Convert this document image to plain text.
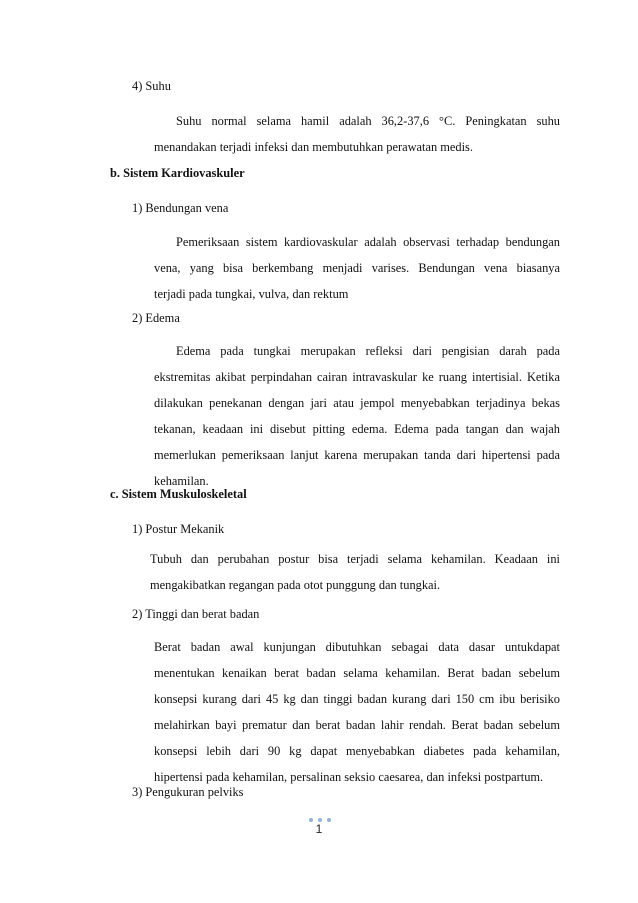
4) Suhu
Suhu normal selama hamil adalah 36,2-37,6 °C. Peningkatan suhu
menandakan terjadi infeksi dan membutuhkan perawatan medis.
b. Sistem Kardiovaskuler
1) Bendungan vena
Pemeriksaan sistem kardiovaskular adalah observasi terhadap bendungan
vena, yang bisa berkembang menjadi varises. Bendungan vena biasanya
terjadi pada tungkai, vulva, dan rektum
2) Edema
Edema pada tungkai merupakan refleksi dari pengisian darah pada
ekstremitas akibat perpindahan cairan intravaskular ke ruang intertisial. Ketika
dilakukan penekanan dengan jari atau jempol menyebabkan terjadinya bekas
tekanan, keadaan ini disebut pitting edema. Edema pada tangan dan wajah
memerlukan pemeriksaan lanjut karena merupakan tanda dari hipertensi pada
kehamilan.
c. Sistem Muskuloskeletal
1) Postur Mekanik
Tubuh dan perubahan postur bisa terjadi selama kehamilan. Keadaan ini
mengakibatkan regangan pada otot punggung dan tungkai.
2) Tinggi dan berat badan
Berat badan awal kunjungan dibutuhkan sebagai data dasar untukdapat
menentukan kenaikan berat badan selama kehamilan. Berat badan sebelum
konsepsi kurang dari 45 kg dan tinggi badan kurang dari 150 cm ibu berisiko
melahirkan bayi prematur dan berat badan lahir rendah. Berat badan sebelum
konsepsi lebih dari 90 kg dapat menyebabkan diabetes pada kehamilan,
hipertensi pada kehamilan, persalinan seksio caesarea, dan infeksi postpartum.
3) Pengukuran pelviks
1
